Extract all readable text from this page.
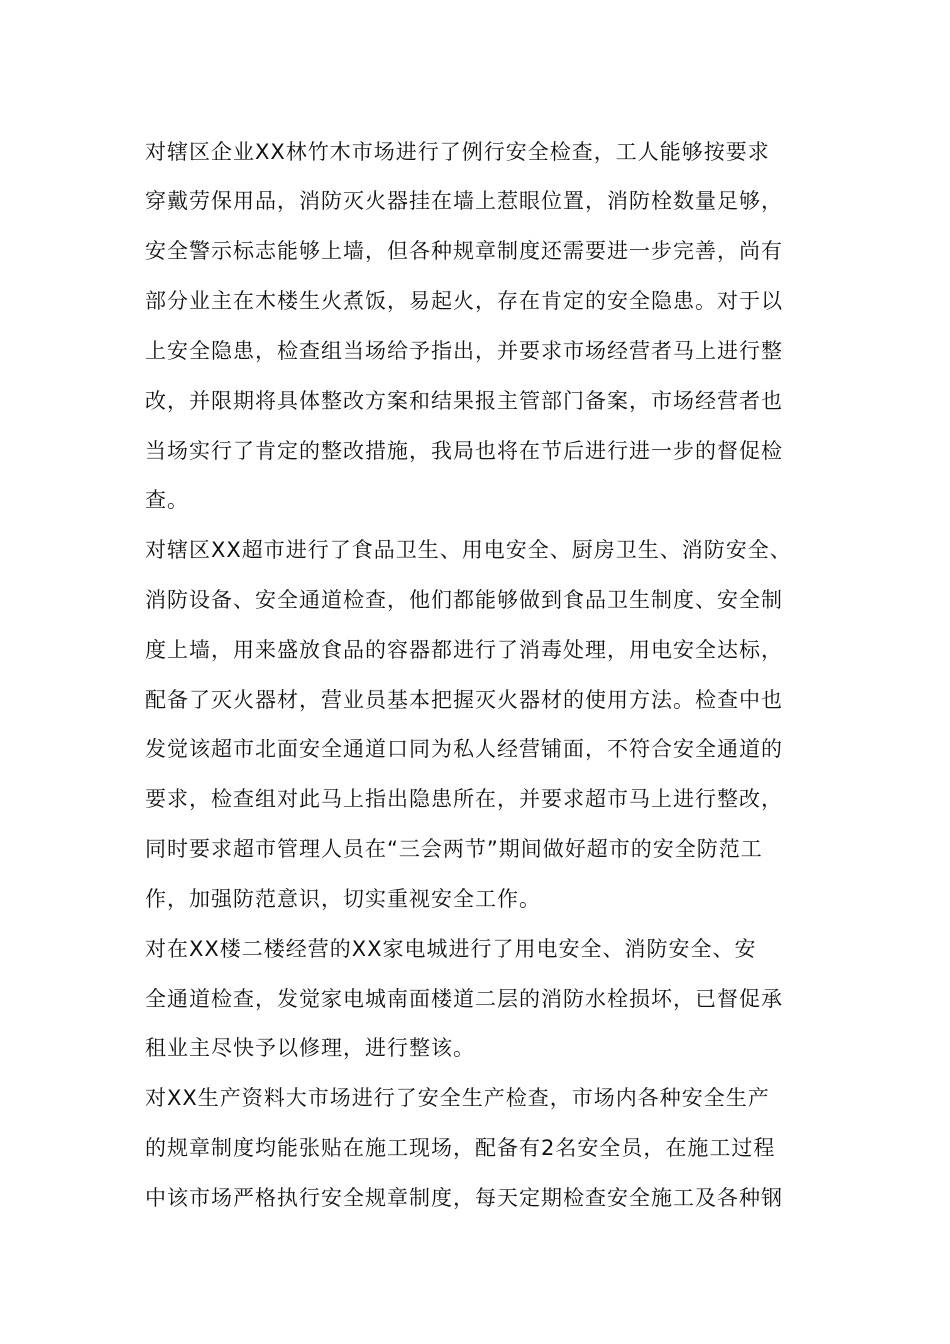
对辖区企业XX林竹木市场进行了例行安全检查，工人能够按要求
穿戴劳保用品，消防灭火器挂在墙上惹眼位置，消防栓数量足够，
安全警示标志能够上墙，但各种规章制度还需要进一步完善，尚有
部分业主在木楼生火煮饭，易起火，存在肯定的安全隐患。对于以
上安全隐患，检查组当场给予指出，并要求市场经营者马上进行整
改，并限期将具体整改方案和结果报主管部门备案，市场经营者也
当场实行了肯定的整改措施，我局也将在节后进行进一步的督促检
查。
对辖区XX超市进行了食品卫生、用电安全、厨房卫生、消防安全、
消防设备、安全通道检查，他们都能够做到食品卫生制度、安全制
度上墙，用来盛放食品的容器都进行了消毒处理，用电安全达标，
配备了灭火器材，营业员基本把握灭火器材的使用方法。检查中也
发觉该超市北面安全通道口同为私人经营铺面，不符合安全通道的
要求，检查组对此马上指出隐患所在，并要求超市马上进行整改，
同时要求超市管理人员在“三会两节”期间做好超市的安全防范工
作，加强防范意识，切实重视安全工作。
对在XX楼二楼经营的XX家电城进行了用电安全、消防安全、安
全通道检查，发觉家电城南面楼道二层的消防水栓损坏，已督促承
租业主尽快予以修理，进行整该。
对XX生产资料大市场进行了安全生产检查，市场内各种安全生产
的规章制度均能张贴在施工现场，配备有2名安全员，在施工过程
中该市场严格执行安全规章制度，每天定期检查安全施工及各种钢
